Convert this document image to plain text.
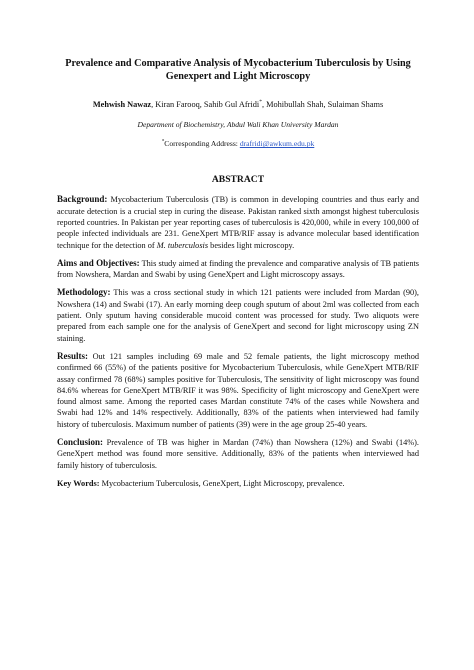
Prevalence and Comparative Analysis of Mycobacterium Tuberculosis by Using Genexpert and Light Microscopy

Mehwish Nawaz, Kiran Farooq, Sahib Gul Afridi*, Mohibullah Shah, Sulaiman Shams
Department of Biochemistry, Abdul Wali Khan University Mardan
*Corresponding Address: drafridi@awkum.edu.pk
ABSTRACT

Background: Mycobacterium Tuberculosis (TB) is common in developing countries and thus early and accurate detection is a crucial step in curing the disease. Pakistan ranked sixth amongst highest tuberculosis reported countries. In Pakistan per year reporting cases of tuberculosis is 420,000, while in every 100,000 of people infected individuals are 231. GeneXpert MTB/RIF assay is advance molecular based identification technique for the detection of M. tuberculosis besides light microscopy.

Aims and Objectives: This study aimed at finding the prevalence and comparative analysis of TB patients from Nowshera, Mardan and Swabi by using GeneXpert and Light microscopy assays.

Methodology: This was a cross sectional study in which 121 patients were included from Mardan (90), Nowshera (14) and Swabi (17). An early morning deep cough sputum of about 2ml was collected from each patient. Only sputum having considerable mucoid content was processed for study. Two aliquots were prepared from each sample one for the analysis of GeneXpert and second for light microscopy using ZN staining.

Results: Out 121 samples including 69 male and 52 female patients, the light microscopy method confirmed 66 (55%) of the patients positive for Mycobacterium Tuberculosis, while GeneXpert MTB/RIF assay confirmed 78 (68%) samples positive for Tuberculosis, The sensitivity of light microscopy was found 84.6% whereas for GeneXpert MTB/RIF it was 98%. Specificity of light microscopy and GeneXpert were found almost same. Among the reported cases Mardan constitute 74% of the cases while Nowshera and Swabi had 12% and 14% respectively. Additionally, 83% of the patients when interviewed had family history of tuberculosis. Maximum number of patients (39) were in the age group 25-40 years.

Conclusion: Prevalence of TB was higher in Mardan (74%) than Nowshera (12%) and Swabi (14%). GeneXpert method was found more sensitive. Additionally, 83% of the patients when interviewed had family history of tuberculosis.

Key Words: Mycobacterium Tuberculosis, GeneXpert, Light Microscopy, prevalence.
